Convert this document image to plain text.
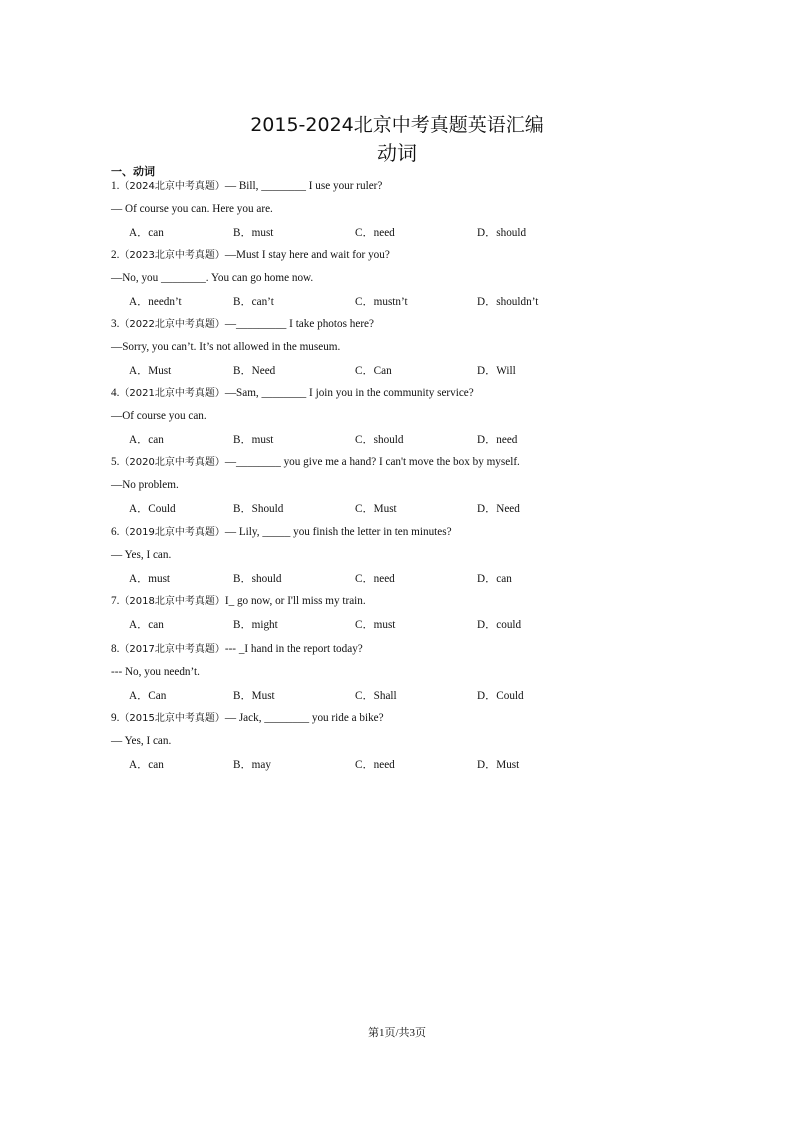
2015-2024北京中考真题英语汇编
动词
一、动词
1.（2024北京中考真题）— Bill, ________ I use your ruler?
— Of course you can. Here you are.
A．can	B．must	C．need	D．should
2.（2023北京中考真题）—Must I stay here and wait for you?
—No, you ________. You can go home now.
A．needn’t	B．can’t	C．mustn’t	D．shouldn’t
3.（2022北京中考真题）—_________ I take photos here?
—Sorry, you can’t. It’s not allowed in the museum.
A．Must	B．Need	C．Can	D．Will
4.（2021北京中考真题）—Sam, ________ I join you in the community service?
—Of course you can.
A．can	B．must	C．should	D．need
5.（2020北京中考真题）—________ you give me a hand? I can't move the box by myself.
—No problem.
A．Could	B．Should	C．Must	D．Need
6.（2019北京中考真题）— Lily, _____ you finish the letter in ten minutes?
— Yes, I can.
A．must	B．should	C．need	D．can
7.（2018北京中考真题）I_ go now, or I'll miss my train.
A．can	B．might	C．must	D．could
8.（2017北京中考真题）--- _I hand in the report today?
--- No, you needn’t.
A．Can	B．Must	C．Shall	D．Could
9.（2015北京中考真题）— Jack, ________ you ride a bike?
— Yes, I can.
A．can	B．may	C．need	D．Must
第1页/共3页
